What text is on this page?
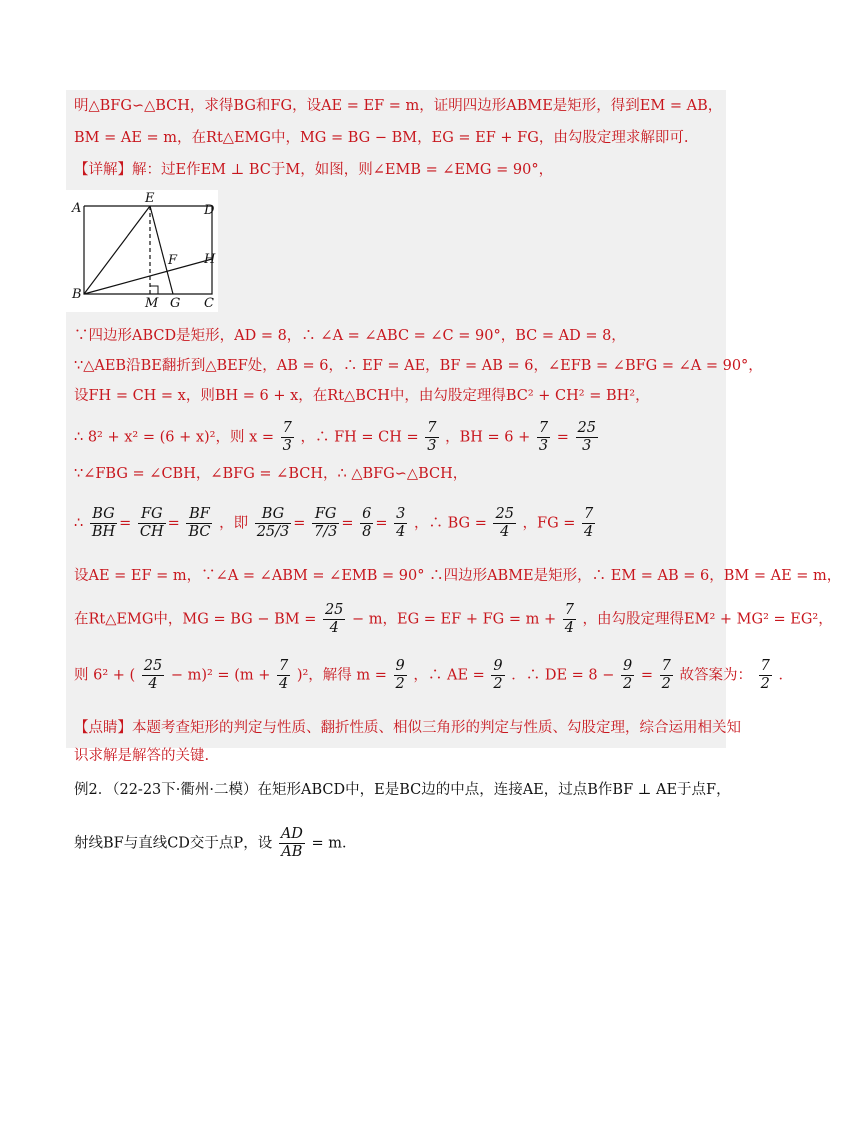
明△BFG∽△BCH，求得BG和FG，设AE = EF = m，证明四边形ABME是矩形，得到EM = AB，
BM = AE = m，在Rt△EMG中，MG = BG − BM，EG = EF + FG，由勾股定理求解即可.
【详解】解：过E作EM ⊥ BC于M，如图，则∠EMB = ∠EMG = 90°，
A
E
D
F H
B
M G C
∵四边形ABCD是矩形，AD = 8，∴ ∠A = ∠ABC = ∠C = 90°，BC = AD = 8，
∵△AEB沿BE翻折到△BEF处，AB = 6，∴ EF = AE，BF = AB = 6，∠EFB = ∠BFG = ∠A = 90°，
设FH = CH = x，则BH = 6 + x，在Rt△BCH中，由勾股定理得BC² + CH² = BH²，
∴ 8² + x² = (6 + x)²，则 $x = \frac{7}{3}$ ，∴ FH = CH = $\frac{7}{3}$ ，BH = $6 + \frac{7}{3} = \frac{25}{3}$
∵∠FBG = ∠CBH，∠BFG = ∠BCH，∴ △BFG∽△BCH，
∴ $\frac{BG}{BH} = \frac{FG}{CH} = \frac{BF}{BC}$ ，即 $\frac{BG}{25/3} = \frac{FG}{7/3} = \frac{6}{8} = \frac{3}{4}$ ，∴ BG = $\frac{25}{4}$ ，FG = $\frac{7}{4}$
设AE = EF = m，∵∠A = ∠ABM = ∠EMB = 90° ∴四边形ABME是矩形，∴ EM = AB = 6，BM = AE = m，
在Rt△EMG中，MG = BG − BM = $\frac{25}{4} - m$，EG = EF + FG = $m + \frac{7}{4}$ ，由勾股定理得EM² + MG² = EG²，
则 6² + ( $\frac{25}{4} - m)^2 = (m + \frac{7}{4} )^2$，解得 $m = \frac{9}{2}$ ，∴ AE = $\frac{9}{2}$ ．∴ DE = $8 - \frac{9}{2} = \frac{7}{2}$ 故答案为： $\frac{7}{2}$ ．
【点睛】本题考查矩形的判定与性质、翻折性质、相似三角形的判定与性质、勾股定理，综合运用相关知
识求解是解答的关键.
例2．（22-23下·衢州·二模）在矩形ABCD中，E是BC边的中点，连接AE，过点B作BF ⊥ AE于点F，
射线BF与直线CD交于点P，设 $\frac{AD}{AB} = m$．
